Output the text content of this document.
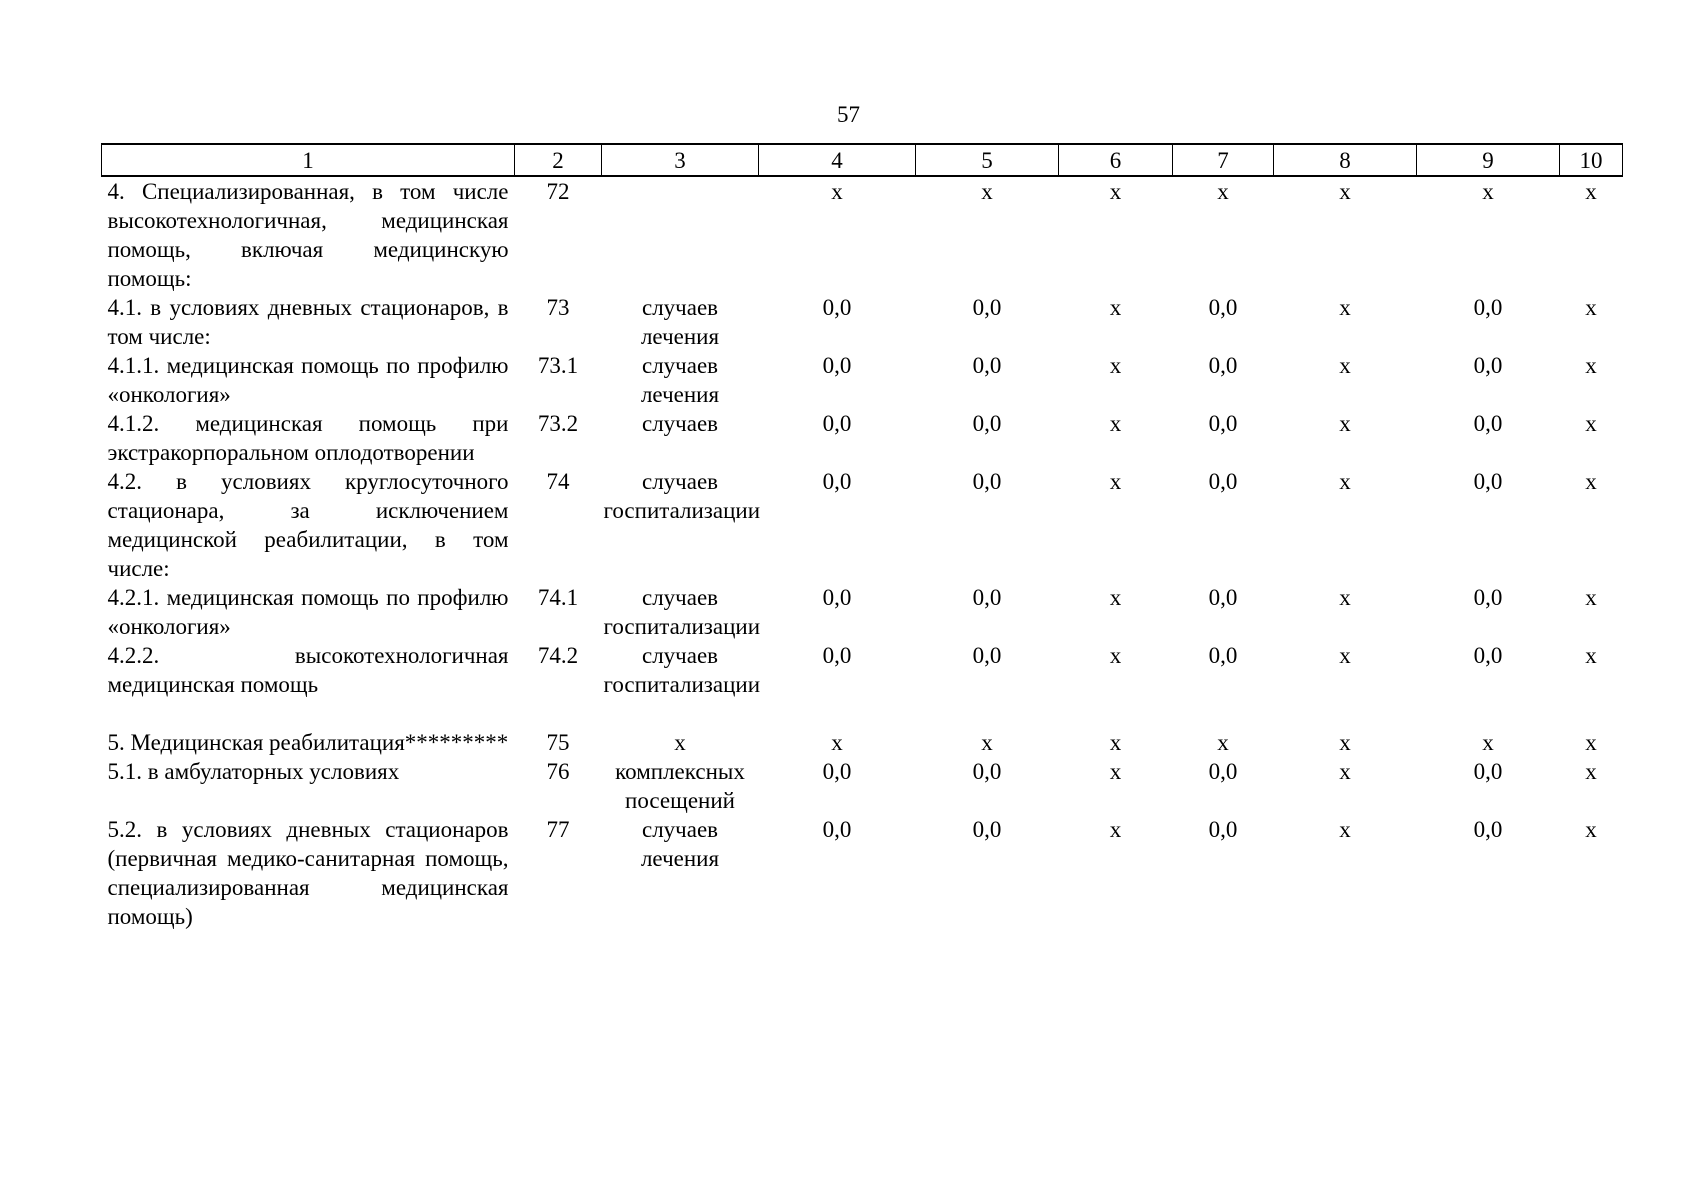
57
1	2	3	4	5	6	7	8	9	10
4. Специализированная, в том числе высокотехнологичная, медицинская помощь, включая медицинскую помощь:	72		х	х	х	х	х	х	х
4.1. в условиях дневных стационаров, в том числе:	73	случаев лечения	0,0	0,0	х	0,0	х	0,0	х
4.1.1. медицинская помощь по профилю «онкология»	73.1	случаев лечения	0,0	0,0	х	0,0	х	0,0	х
4.1.2. медицинская помощь при экстракорпоральном оплодотворении	73.2	случаев	0,0	0,0	х	0,0	х	0,0	х
4.2. в условиях круглосуточного стационара, за исключением медицинской реабилитации, в том числе:	74	случаев госпитализации	0,0	0,0	х	0,0	х	0,0	х
4.2.1. медицинская помощь по профилю «онкология»	74.1	случаев госпитализации	0,0	0,0	х	0,0	х	0,0	х
4.2.2. высокотехнологичная медицинская помощь	74.2	случаев госпитализации	0,0	0,0	х	0,0	х	0,0	х

5. Медицинская реабилитация*********	75	х	х	х	х	х	х	х	х
5.1. в амбулаторных условиях	76	комплексных посещений	0,0	0,0	х	0,0	х	0,0	х
5.2. в условиях дневных стационаров (первичная медико-санитарная помощь, специализированная медицинская помощь)	77	случаев лечения	0,0	0,0	х	0,0	х	0,0	х
